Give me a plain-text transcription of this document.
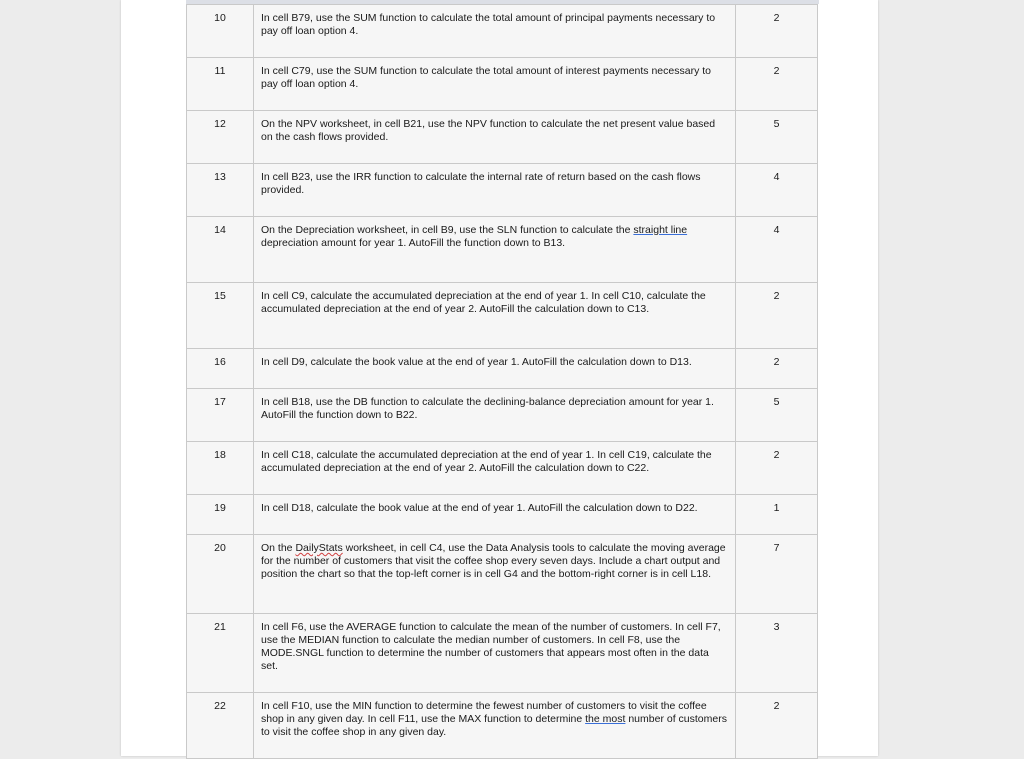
10	In cell B79, use the SUM function to calculate the total amount of principal payments necessary to pay off loan option 4.	2
11	In cell C79, use the SUM function to calculate the total amount of interest payments necessary to pay off loan option 4.	2
12	On the NPV worksheet, in cell B21, use the NPV function to calculate the net present value based on the cash flows provided.	5
13	In cell B23, use the IRR function to calculate the internal rate of return based on the cash flows provided.	4
14	On the Depreciation worksheet, in cell B9, use the SLN function to calculate the straight line depreciation amount for year 1. AutoFill the function down to B13.	4
15	In cell C9, calculate the accumulated depreciation at the end of year 1. In cell C10, calculate the accumulated depreciation at the end of year 2. AutoFill the calculation down to C13.	2
16	In cell D9, calculate the book value at the end of year 1. AutoFill the calculation down to D13.	2
17	In cell B18, use the DB function to calculate the declining-balance depreciation amount for year 1. AutoFill the function down to B22.	5
18	In cell C18, calculate the accumulated depreciation at the end of year 1. In cell C19, calculate the accumulated depreciation at the end of year 2. AutoFill the calculation down to C22.	2
19	In cell D18, calculate the book value at the end of year 1. AutoFill the calculation down to D22.	1
20	On the DailyStats worksheet, in cell C4, use the Data Analysis tools to calculate the moving average for the number of customers that visit the coffee shop every seven days. Include a chart output and position the chart so that the top-left corner is in cell G4 and the bottom-right corner is in cell L18.	7
21	In cell F6, use the AVERAGE function to calculate the mean of the number of customers. In cell F7, use the MEDIAN function to calculate the median number of customers. In cell F8, use the MODE.SNGL function to determine the number of customers that appears most often in the data set.	3
22	In cell F10, use the MIN function to determine the fewest number of customers to visit the coffee shop in any given day. In cell F11, use the MAX function to determine the most number of customers to visit the coffee shop in any given day.	2
